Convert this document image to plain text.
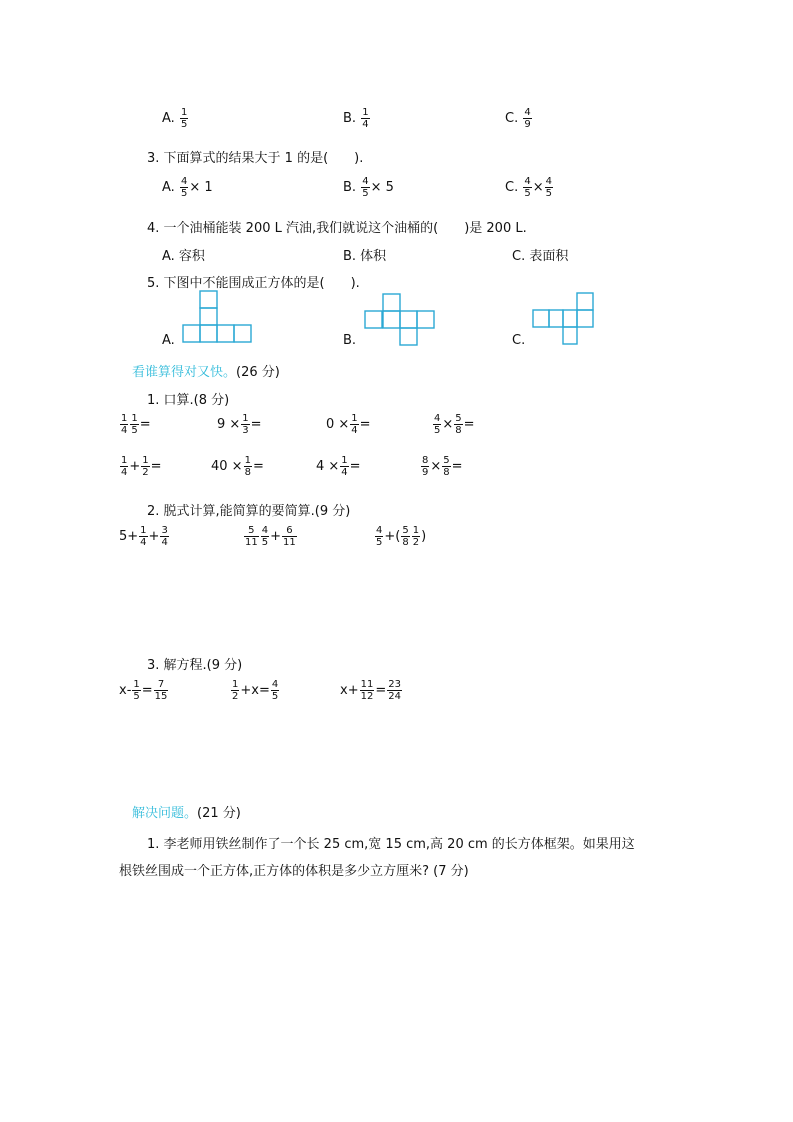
A.
$\frac{1}{5}$	B.
$\frac{1}{4}$	C.
$\frac{4}{9}$
3. 下面算式的结果大于 1 的是(　　).
A.
$\frac{4}{5} \times 1$	B.
$\frac{4}{5} \times 5$	C.
$\frac{4}{5} \times \frac{4}{5}$
4. 一个油桶能装 200 L 汽油,我们就说这个油桶的(　　)是 200 L.
A. 容积	B. 体积	C. 表面积
5. 下图中不能围成正方体的是(　　).
A.	B.	C.
看谁算得对又快。(26 分)
1. 口算.(8 分)
$\frac{1}{4} \frac{1}{5}$ =	$9 \times \frac{1}{3}$ =	$0 \times \frac{1}{4}$ =	$\frac{4}{5} \times \frac{5}{8}$ =
$\frac{1}{4} + \frac{1}{2}$ =	$40 \times \frac{1}{8}$ =	$4 \times \frac{1}{4}$ =	$\frac{8}{9} \times \frac{5}{8}$ =
2. 脱式计算,能简算的要简算.(9 分)
$5+ \frac{1}{4} + \frac{3}{4}$	$\frac{5}{11} \frac{4}{5} + \frac{6}{11}$	$\frac{4}{5}$ +( $\frac{5}{8} \frac{1}{2}$ )
3. 解方程.(9 分)
$x- \frac{1}{5} = \frac{7}{15}$	$\frac{1}{2} +x= \frac{4}{5}$	$x+ \frac{11}{12} = \frac{23}{24}$
解决问题。(21 分)
1. 李老师用铁丝制作了一个长 25 cm,宽 15 cm,高 20 cm 的长方体框架。如果用这
根铁丝围成一个正方体,正方体的体积是多少立方厘米? (7 分)
